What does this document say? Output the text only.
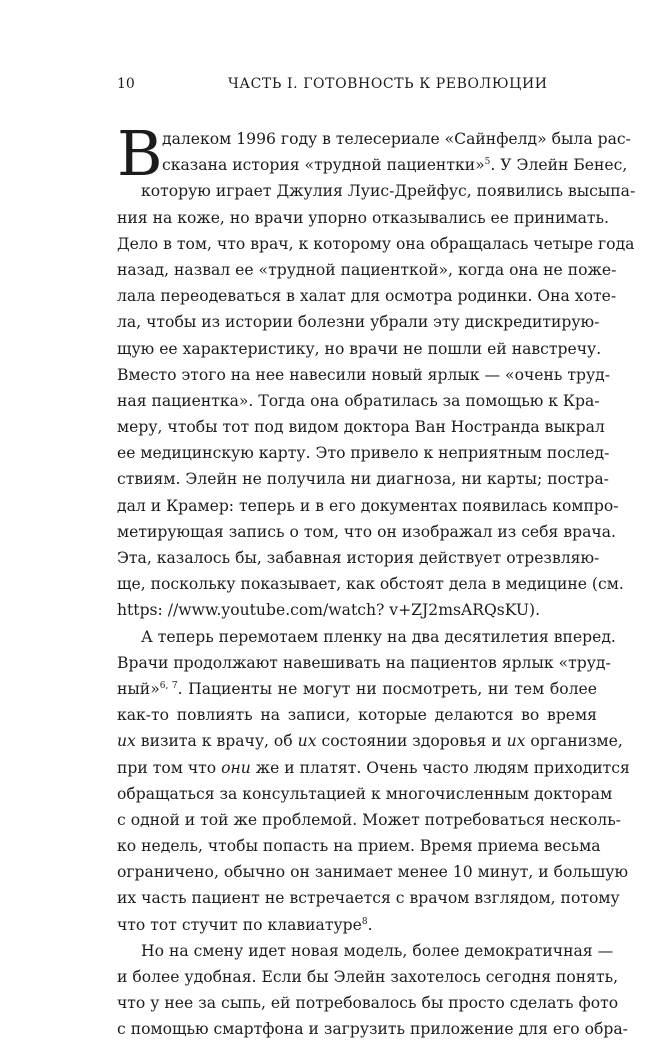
10	ЧАСТЬ I. ГОТОВНОСТЬ К РЕВОЛЮЦИИ
В далеком 1996 году в телесериале «Сайнфелд» была рас-
сказана история «трудной пациентки»$^5$. У Элейн Бенес,
которую играет Джулия Луис-Дрейфус, появились высыпа-
ния на коже, но врачи упорно отказывались ее принимать.
Дело в том, что врач, к которому она обращалась четыре года
назад, назвал ее «трудной пациенткой», когда она не поже-
лала переодеваться в халат для осмотра родинки. Она хоте-
ла, чтобы из истории болезни убрали эту дискредитирую-
щую ее характеристику, но врачи не пошли ей навстречу.
Вместо этого на нее навесили новый ярлык — «очень труд-
ная пациентка». Тогда она обратилась за помощью к Кра-
меру, чтобы тот под видом доктора Ван Ностранда выкрал
ее медицинскую карту. Это привело к неприятным послед-
ствиям. Элейн не получила ни диагноза, ни карты; постра-
дал и Крамер: теперь и в его документах появилась компро-
метирующая запись о том, что он изображал из себя врача.
Эта, казалось бы, забавная история действует отрезвляю-
ще, поскольку показывает, как обстоят дела в медицине (см.
https: //www.youtube.com/watch? v+ZJ2msARQsKU).
А теперь перемотаем пленку на два десятилетия вперед.
Врачи продолжают навешивать на пациентов ярлык «труд-
ный»$^{6, 7}$. Пациенты не могут ни посмотреть, ни тем более
как-то повлиять на записи, которые делаются во время
их визита к врачу, об их состоянии здоровья и их организме,
при том что они же и платят. Очень часто людям приходится
обращаться за консультацией к многочисленным докторам
с одной и той же проблемой. Может потребоваться несколь-
ко недель, чтобы попасть на прием. Время приема весьма
ограничено, обычно он занимает менее 10 минут, и большую
их часть пациент не встречается с врачом взглядом, потому
что тот стучит по клавиатуре$^8$.
Но на смену идет новая модель, более демократичная —
и более удобная. Если бы Элейн захотелось сегодня понять,
что у нее за сыпь, ей потребовалось бы просто сделать фото
с помощью смартфона и загрузить приложение для его обра-
